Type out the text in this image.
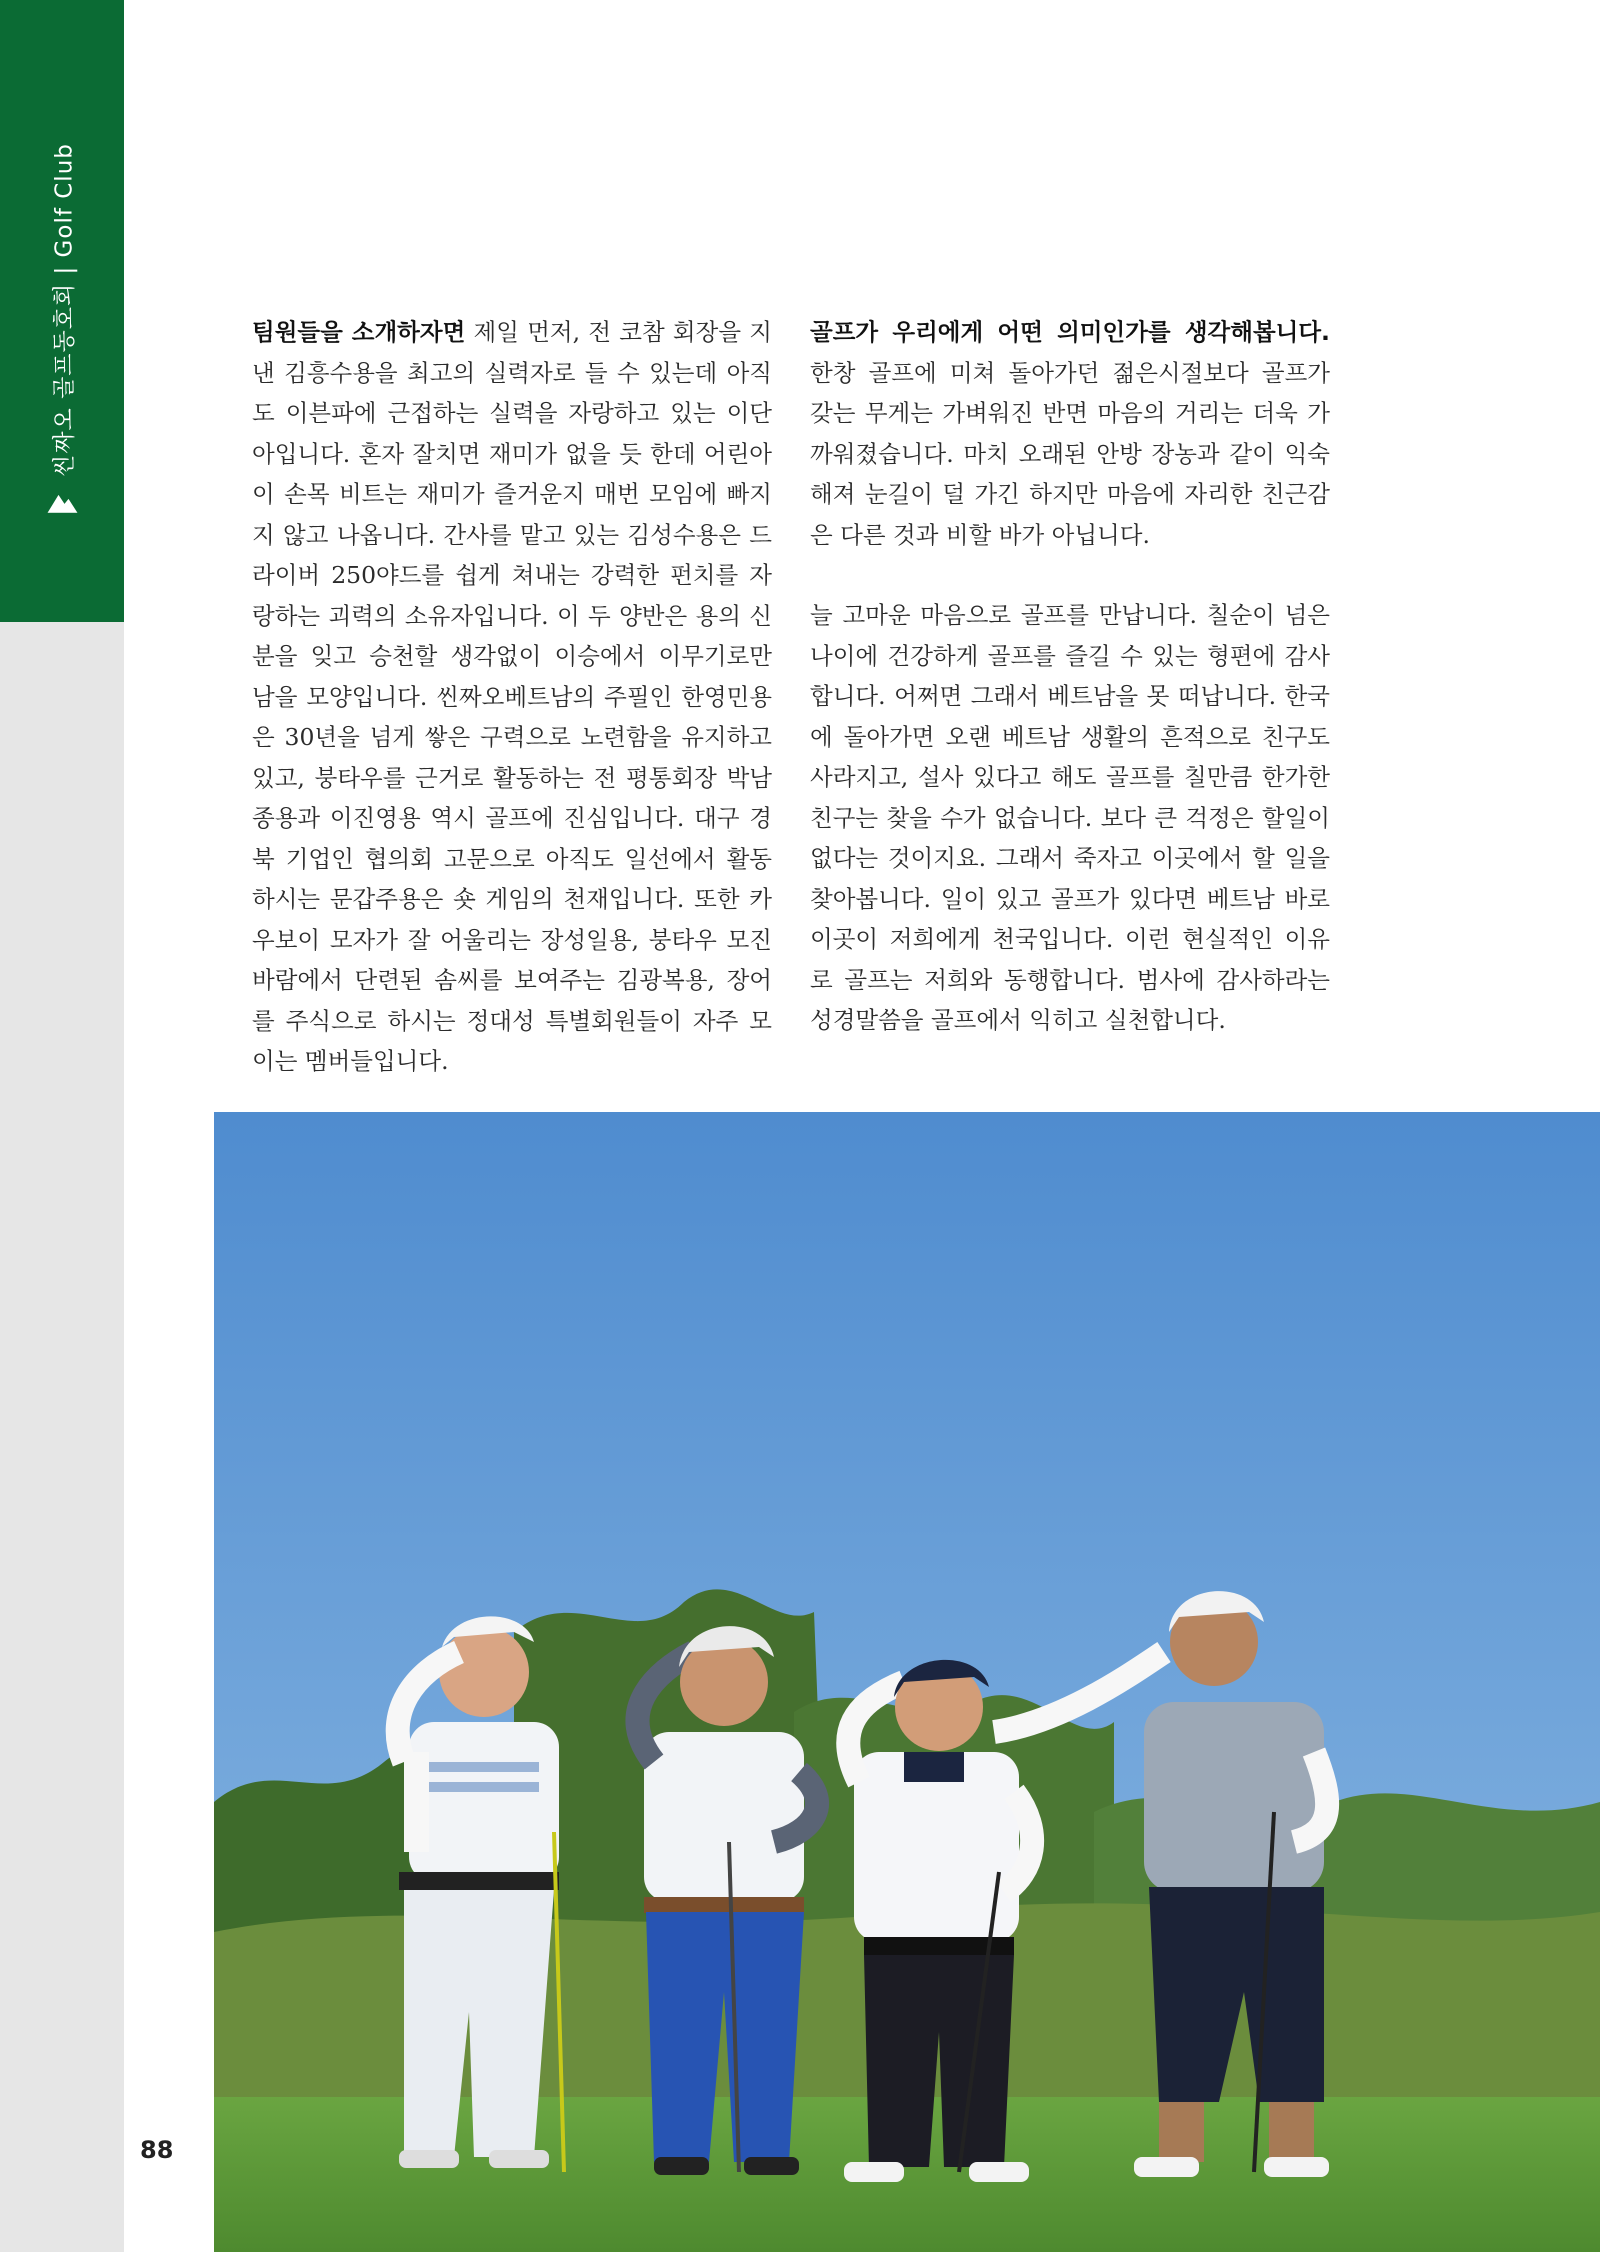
씬짜오 골프동호회 | Golf Club
88

팀원들을 소개하자면 제일 먼저, 전 코참 회장을 지낸 김흥수용을 최고의 실력자로 들 수 있는데 아직도 이븐파에 근접하는 실력을 자랑하고 있는 이단아입니다. 혼자 잘치면 재미가 없을 듯 한데 어린아이 손목 비트는 재미가 즐거운지 매번 모임에 빠지지 않고 나옵니다. 간사를 맡고 있는 김성수용은 드라이버 250야드를 쉽게 쳐내는 강력한 펀치를 자랑하는 괴력의 소유자입니다. 이 두 양반은 용의 신분을 잊고 승천할 생각없이 이승에서 이무기로만 남을 모양입니다. 씬짜오베트남의 주필인 한영민용은 30년을 넘게 쌓은 구력으로 노련함을 유지하고 있고, 붕타우를 근거로 활동하는 전 평통회장 박남종용과 이진영용 역시 골프에 진심입니다. 대구 경북 기업인 협의회 고문으로 아직도 일선에서 활동하시는 문갑주용은 숏 게임의 천재입니다. 또한 카우보이 모자가 잘 어울리는 장성일용, 붕타우 모진 바람에서 단련된 솜씨를 보여주는 김광복용, 장어를 주식으로 하시는 정대성 특별회원들이 자주 모이는 멤버들입니다.

골프가 우리에게 어떤 의미인가를 생각해봅니다. 한창 골프에 미쳐 돌아가던 젊은시절보다 골프가 갖는 무게는 가벼워진 반면 마음의 거리는 더욱 가까워졌습니다. 마치 오래된 안방 장농과 같이 익숙해져 눈길이 덜 가긴 하지만 마음에 자리한 친근감은 다른 것과 비할 바가 아닙니다.

늘 고마운 마음으로 골프를 만납니다. 칠순이 넘은 나이에 건강하게 골프를 즐길 수 있는 형편에 감사합니다. 어쩌면 그래서 베트남을 못 떠납니다. 한국에 돌아가면 오랜 베트남 생활의 흔적으로 친구도 사라지고, 설사 있다고 해도 골프를 칠만큼 한가한 친구는 찾을 수가 없습니다. 보다 큰 걱정은 할일이 없다는 것이지요. 그래서 죽자고 이곳에서 할 일을 찾아봅니다. 일이 있고 골프가 있다면 베트남 바로 이곳이 저희에게 천국입니다. 이런 현실적인 이유로 골프는 저희와 동행합니다. 범사에 감사하라는 성경말씀을 골프에서 익히고 실천합니다.
